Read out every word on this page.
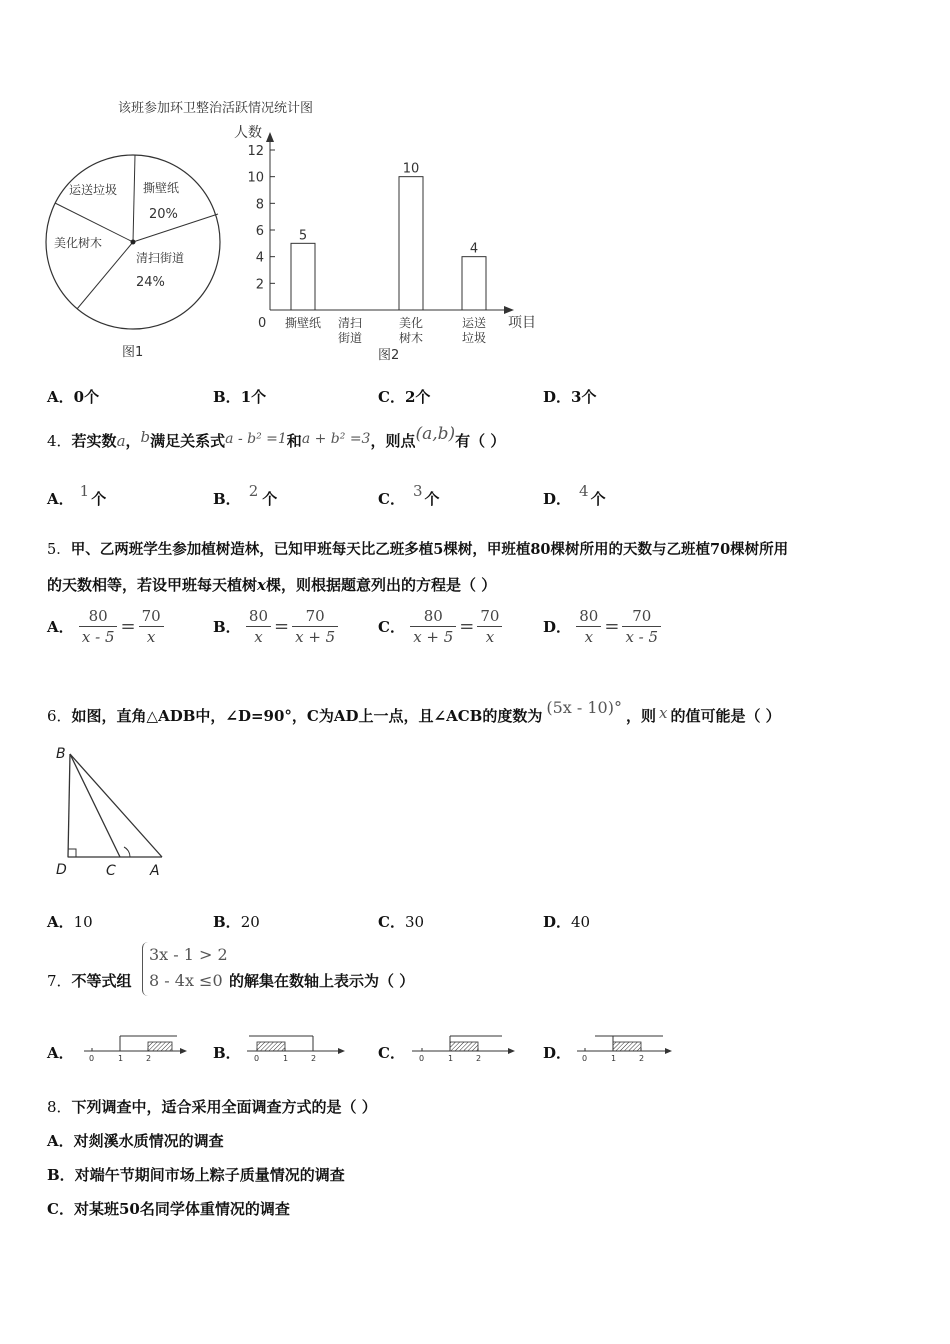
该班参加环卫整治活跃情况统计图
运送垃圾 撕壁纸
20%
美化树木
清扫街道
24%
图1
人数
项目
0
2
4
6
8
10
12
5
10
4
撕壁纸 清扫
街道
美化
树木
运送
垃圾
图2
A．0个	B．1个	C．2个	D．3个
4．若实数a，b满足关系式a - b² =1和a + b² =3，则点(a,b)有（ ）
A． 1 个	B． 2 个	C． 3 个	D． 4 个
5．甲、乙两班学生参加植树造林，已知甲班每天比乙班多植5棵树，甲班植80棵树所用的天数与乙班植70棵树所用
的天数相等，若设甲班每天植树x棵，则根据题意列出的方程是（ ）
A． $\frac{80}{x - 5} = \frac{70}{x}$	B． $\frac{80}{x} = \frac{70}{x + 5}$	C． $\frac{80}{x + 5} = \frac{70}{x}$	D． $\frac{80}{x} = \frac{70}{x - 5}$
6．如图，直角△ADB中，∠D=90°，C为AD上一点，且∠ACB的度数为 (5x - 10)° ，则 x 的值可能是（ ）
B
D	C A
A．10	B．20	C．30	D．40
7．不等式组
3x - 1 > 2
8 - 4x ≤0 的解集在数轴上表示为（ ）
A． 0	1	2	B． 0	1	2	C． 0	1	2	D． 0	1	2
8．下列调查中，适合采用全面调查方式的是（ ）
A．对剡溪水质情况的调查
B．对端午节期间市场上粽子质量情况的调查
C．对某班50名同学体重情况的调查
